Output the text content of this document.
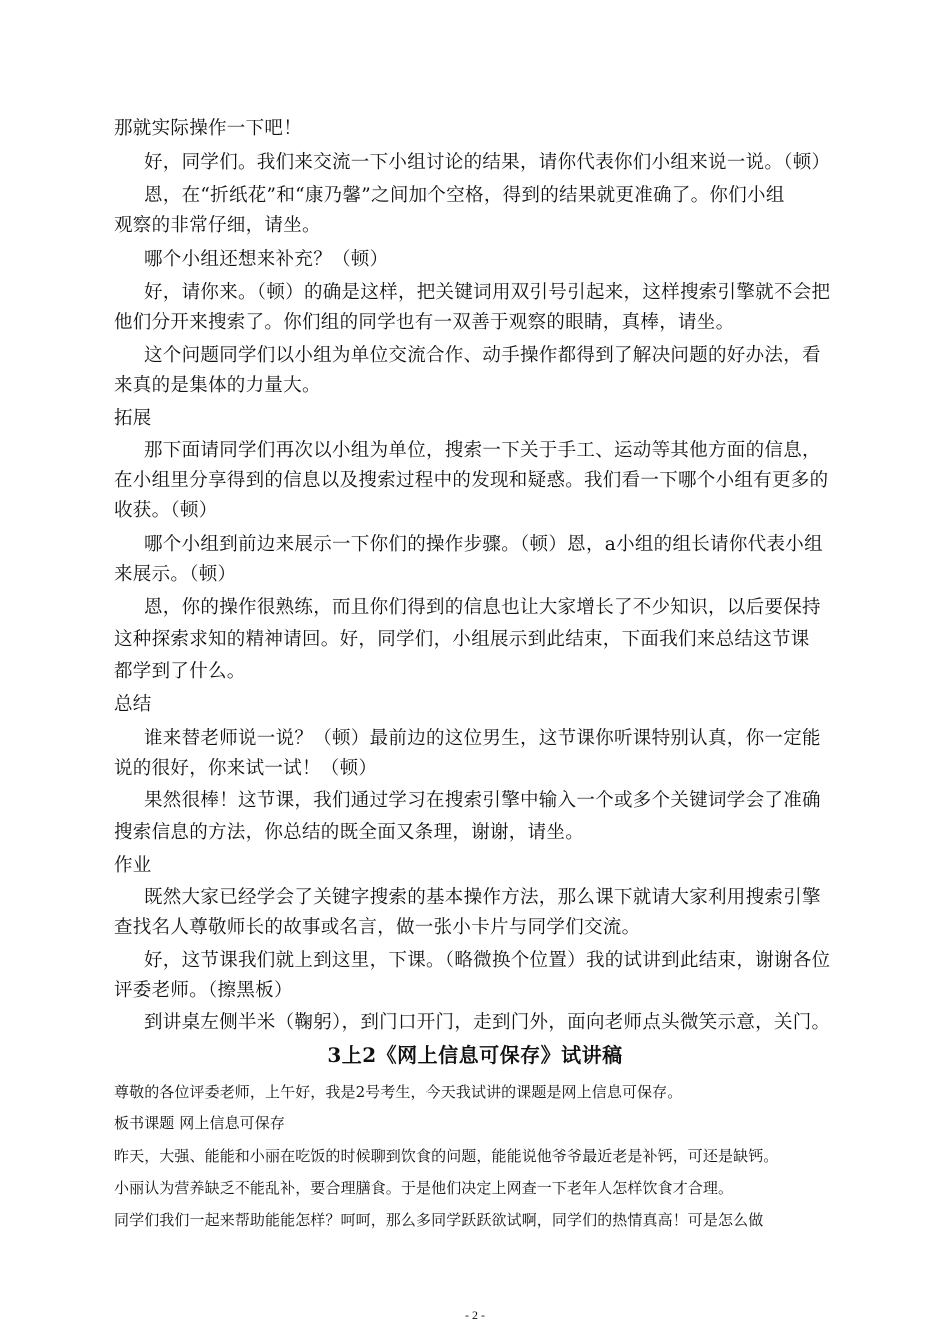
那就实际操作一下吧！

好，同学们。我们来交流一下小组讨论的结果，请你代表你们小组来说一说。（顿）

恩，在“折纸花”和“康乃馨”之间加个空格，得到的结果就更准确了。你们小组

观察的非常仔细，请坐。

哪个小组还想来补充？（顿）

好，请你来。（顿）的确是这样，把关键词用双引号引起来，这样搜索引擎就不会把

他们分开来搜索了。你们组的同学也有一双善于观察的眼睛，真棒，请坐。

这个问题同学们以小组为单位交流合作、动手操作都得到了解决问题的好办法，看

来真的是集体的力量大。

拓展

那下面请同学们再次以小组为单位，搜索一下关于手工、运动等其他方面的信息，

在小组里分享得到的信息以及搜索过程中的发现和疑惑。我们看一下哪个小组有更多的

收获。（顿）

哪个小组到前边来展示一下你们的操作步骤。（顿）恩，a小组的组长请你代表小组

来展示。（顿）

恩，你的操作很熟练，而且你们得到的信息也让大家增长了不少知识，以后要保持

这种探索求知的精神请回。好，同学们，小组展示到此结束，下面我们来总结这节课

都学到了什么。

总结

谁来替老师说一说？（顿）最前边的这位男生，这节课你听课特别认真，你一定能

说的很好，你来试一试！（顿）

果然很棒！这节课，我们通过学习在搜索引擎中输入一个或多个关键词学会了准确

搜索信息的方法，你总结的既全面又条理，谢谢，请坐。

作业

既然大家已经学会了关键字搜索的基本操作方法，那么课下就请大家利用搜索引擎

查找名人尊敬师长的故事或名言，做一张小卡片与同学们交流。

好，这节课我们就上到这里，下课。（略微换个位置）我的试讲到此结束，谢谢各位

评委老师。（擦黑板）

到讲桌左侧半米（鞠躬），到门口开门，走到门外，面向老师点头微笑示意，关门。

3上2《网上信息可保存》试讲稿

尊敬的各位评委老师，上午好，我是2号考生，今天我试讲的课题是网上信息可保存。

板书课题 网上信息可保存

昨天，大强、能能和小丽在吃饭的时候聊到饮食的问题，能能说他爷爷最近老是补钙，可还是缺钙。

小丽认为营养缺乏不能乱补，要合理膳食。于是他们决定上网查一下老年人怎样饮食才合理。

同学们我们一起来帮助能能怎样？呵呵，那么多同学跃跃欲试啊，同学们的热情真高！可是怎么做

- 2 -
